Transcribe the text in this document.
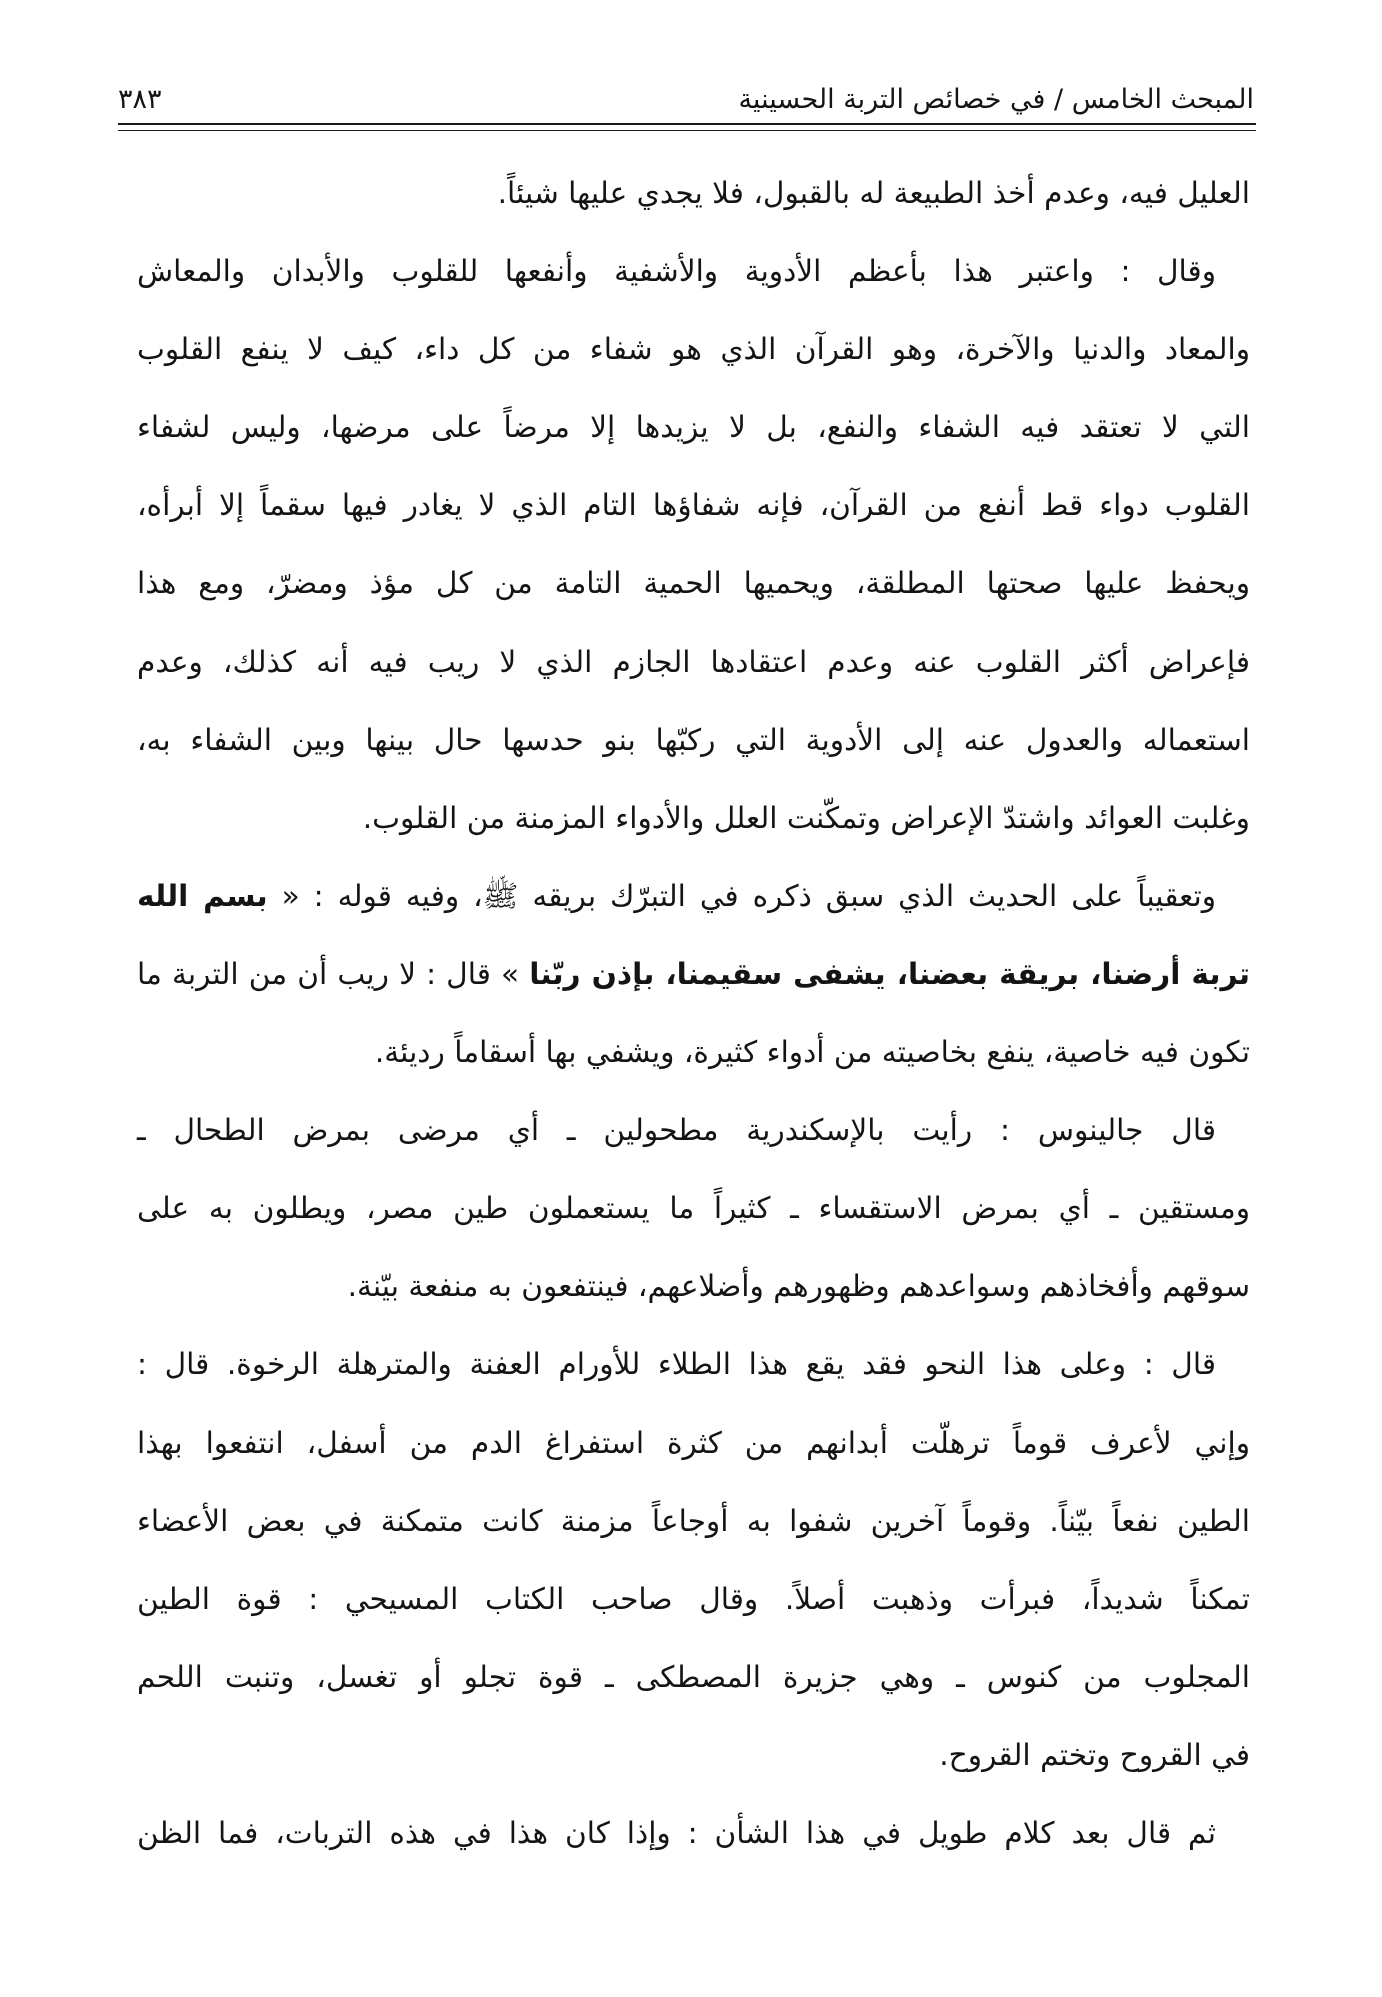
المبحث الخامس / في خصائص التربة الحسينية
٣٨٣
العليل فيه، وعدم أخذ الطبيعة له بالقبول، فلا يجدي عليها شيئاً.
وقال : واعتبر هذا بأعظم الأدوية والأشفية وأنفعها للقلوب والأبدان والمعاش
والمعاد والدنيا والآخرة، وهو القرآن الذي هو شفاء من كل داء، كيف لا ينفع القلوب
التي لا تعتقد فيه الشفاء والنفع، بل لا يزيدها إلا مرضاً على مرضها، وليس لشفاء
القلوب دواء قط أنفع من القرآن، فإنه شفاؤها التام الذي لا يغادر فيها سقماً إلا أبرأه،
ويحفظ عليها صحتها المطلقة، ويحميها الحمية التامة من كل مؤذ ومضرّ، ومع هذا
فإعراض أكثر القلوب عنه وعدم اعتقادها الجازم الذي لا ريب فيه أنه كذلك، وعدم
استعماله والعدول عنه إلى الأدوية التي ركبّها بنو حدسها حال بينها وبين الشفاء به،
وغلبت العوائد واشتدّ الإعراض وتمكّنت العلل والأدواء المزمنة من القلوب.
وتعقيباً على الحديث الذي سبق ذكره في التبرّك بريقه ﷺ، وفيه قوله : « بسم الله
تربة أرضنا، بريقة بعضنا، يشفى سقيمنا، بإذن ربّنا » قال : لا ريب أن من التربة ما
تكون فيه خاصية، ينفع بخاصيته من أدواء كثيرة، ويشفي بها أسقاماً رديئة.
قال جالينوس : رأيت بالإسكندرية مطحولين ـ أي مرضى بمرض الطحال ـ
ومستقين ـ أي بمرض الاستقساء ـ كثيراً ما يستعملون طين مصر، ويطلون به على
سوقهم وأفخاذهم وسواعدهم وظهورهم وأضلاعهم، فينتفعون به منفعة بيّنة.
قال : وعلى هذا النحو فقد يقع هذا الطلاء للأورام العفنة والمترهلة الرخوة. قال :
وإني لأعرف قوماً ترهلّت أبدانهم من كثرة استفراغ الدم من أسفل، انتفعوا بهذا
الطين نفعاً بيّناً. وقوماً آخرين شفوا به أوجاعاً مزمنة كانت متمكنة في بعض الأعضاء
تمكناً شديداً، فبرأت وذهبت أصلاً. وقال صاحب الكتاب المسيحي : قوة الطين
المجلوب من كنوس ـ وهي جزيرة المصطكى ـ قوة تجلو أو تغسل، وتنبت اللحم
في القروح وتختم القروح.
ثم قال بعد كلام طويل في هذا الشأن : وإذا كان هذا في هذه التربات، فما الظن
